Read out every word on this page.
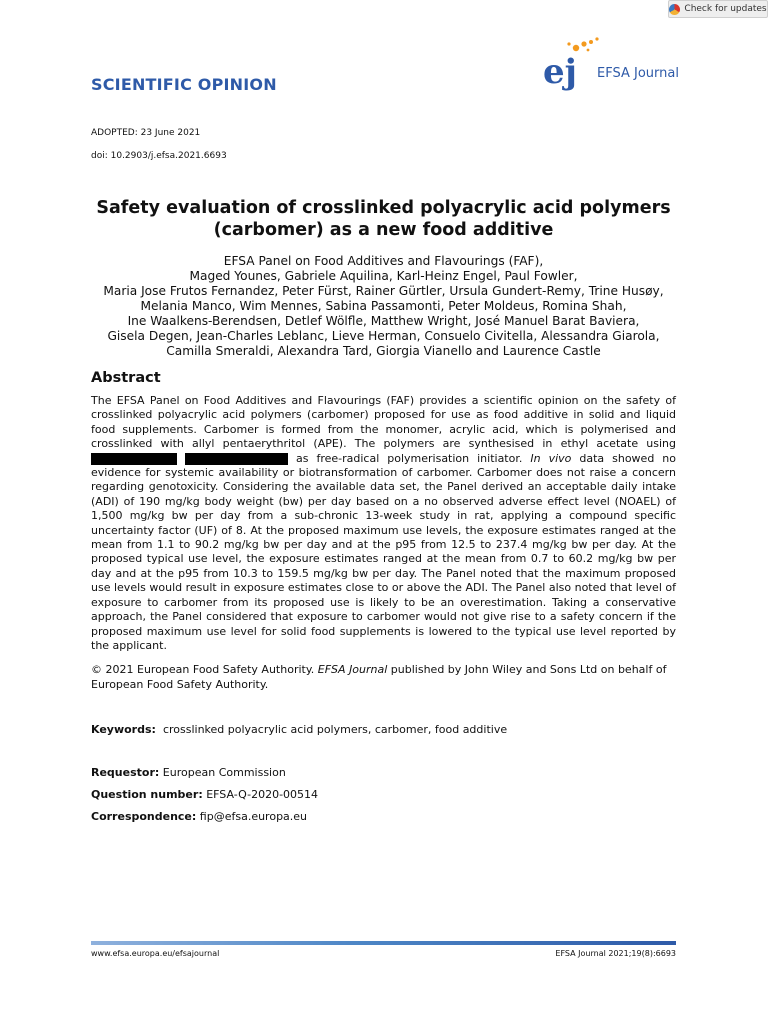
Check for updates
SCIENTIFIC OPINION	ej EFSA Journal
ADOPTED: 23 June 2021
doi: 10.2903/j.efsa.2021.6693
Safety evaluation of crosslinked polyacrylic acid polymers
(carbomer) as a new food additive
EFSA Panel on Food Additives and Flavourings (FAF),
Maged Younes, Gabriele Aquilina, Karl-Heinz Engel, Paul Fowler,
Maria Jose Frutos Fernandez, Peter Fürst, Rainer Gürtler, Ursula Gundert-Remy, Trine Husøy,
Melania Manco, Wim Mennes, Sabina Passamonti, Peter Moldeus, Romina Shah,
Ine Waalkens-Berendsen, Detlef Wölfle, Matthew Wright, José Manuel Barat Baviera,
Gisela Degen, Jean-Charles Leblanc, Lieve Herman, Consuelo Civitella, Alessandra Giarola,
Camilla Smeraldi, Alexandra Tard, Giorgia Vianello and Laurence Castle
Abstract

The EFSA Panel on Food Additives and Flavourings (FAF) provides a scientific opinion on the safety of crosslinked polyacrylic acid polymers (carbomer) proposed for use as food additive in solid and liquid food supplements. Carbomer is formed from the monomer, acrylic acid, which is polymerised and crosslinked with allyl pentaerythritol (APE). The polymers are synthesised in ethyl acetate using   as free-radical polymerisation initiator. In vivo data showed no evidence for systemic availability or biotransformation of carbomer. Carbomer does not raise a concern regarding genotoxicity. Considering the available data set, the Panel derived an acceptable daily intake (ADI) of 190 mg/kg body weight (bw) per day based on a no observed adverse effect level (NOAEL) of 1,500 mg/kg bw per day from a sub-chronic 13-week study in rat, applying a compound specific uncertainty factor (UF) of 8. At the proposed maximum use levels, the exposure estimates ranged at the mean from 1.1 to 90.2 mg/kg bw per day and at the p95 from 12.5 to 237.4 mg/kg bw per day. At the proposed typical use level, the exposure estimates ranged at the mean from 0.7 to 60.2 mg/kg bw per day and at the p95 from 10.3 to 159.5 mg/kg bw per day. The Panel noted that the maximum proposed use levels would result in exposure estimates close to or above the ADI. The Panel also noted that level of exposure to carbomer from its proposed use is likely to be an overestimation. Taking a conservative approach, the Panel considered that exposure to carbomer would not give rise to a safety concern if the proposed maximum use level for solid food supplements is lowered to the typical use level reported by the applicant.

© 2021 European Food Safety Authority. EFSA Journal published by John Wiley and Sons Ltd on behalf of European Food Safety Authority.

Keywords: crosslinked polyacrylic acid polymers, carbomer, food additive
Requestor: European Commission
Question number: EFSA-Q-2020-00514
Correspondence: fip@efsa.europa.eu
www.efsa.europa.eu/efsajournal	EFSA Journal 2021;19(8):6693
